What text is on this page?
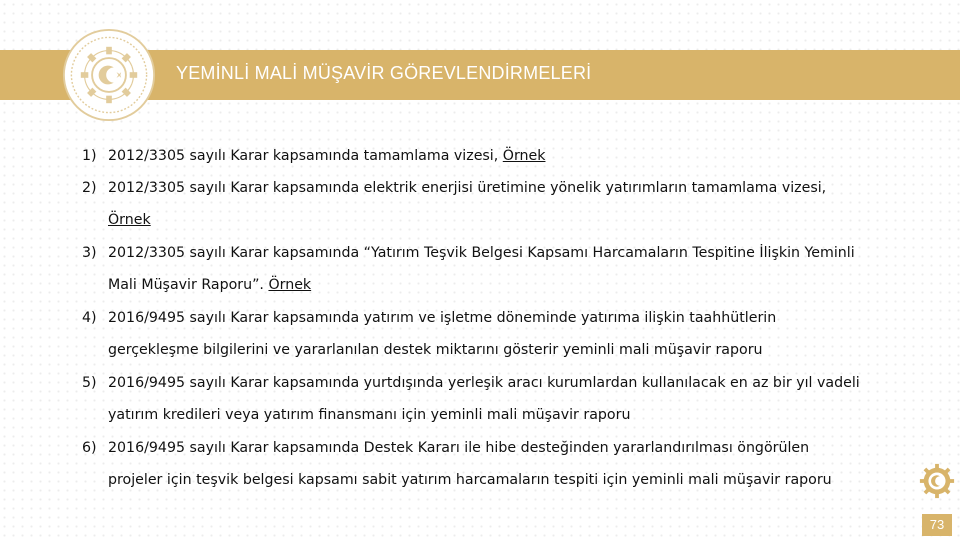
YEMİNLİ MALİ MÜŞAVİR GÖREVLENDİRMELERİ
1) 2012/3305 sayılı Karar kapsamında tamamlama vizesi, Örnek
2) 2012/3305 sayılı Karar kapsamında elektrik enerjisi üretimine yönelik yatırımların tamamlama vizesi,
Örnek
3) 2012/3305 sayılı Karar kapsamında “Yatırım Teşvik Belgesi Kapsamı Harcamaların Tespitine İlişkin Yeminli
Mali Müşavir Raporu”. Örnek
4) 2016/9495 sayılı Karar kapsamında yatırım ve işletme döneminde yatırıma ilişkin taahhütlerin
gerçekleşme bilgilerini ve yararlanılan destek miktarını gösterir yeminli mali müşavir raporu
5) 2016/9495 sayılı Karar kapsamında yurtdışında yerleşik aracı kurumlardan kullanılacak en az bir yıl vadeli
yatırım kredileri veya yatırım finansmanı için yeminli mali müşavir raporu
6) 2016/9495 sayılı Karar kapsamında Destek Kararı ile hibe desteğinden yararlandırılması öngörülen
projeler için teşvik belgesi kapsamı sabit yatırım harcamaların tespiti için yeminli mali müşavir raporu
73
